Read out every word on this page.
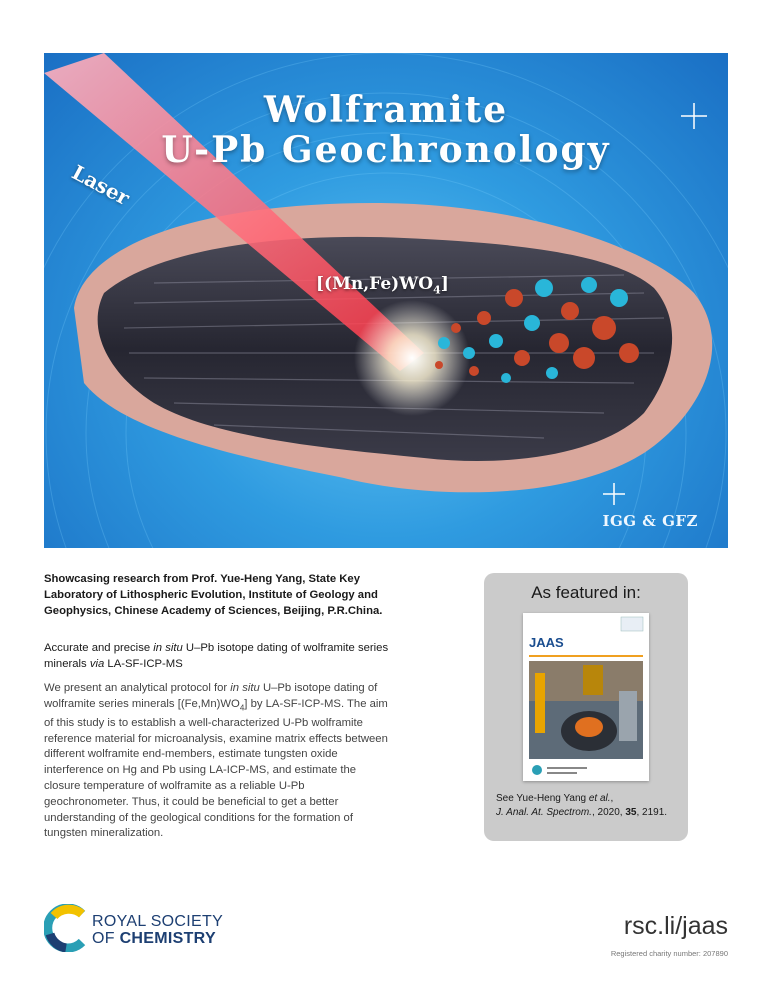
Wolframite
U-Pb Geochronology
Laser
$[(Mn,Fe)WO_4]$
IGG & GFZ
Showcasing research from Prof. Yue-Heng Yang, State Key Laboratory of Lithospheric Evolution, Institute of Geology and Geophysics, Chinese Academy of Sciences, Beijing, P.R.China.
Accurate and precise in situ U–Pb isotope dating of wolframite series minerals via LA-SF-ICP-MS
We present an analytical protocol for in situ U–Pb isotope dating of wolframite series minerals $[(Fe,Mn)WO_4]$ by LA-SF-ICP-MS. The aim of this study is to establish a well-characterized U-Pb wolframite reference material for microanalysis, examine matrix effects between different wolframite end-members, estimate tungsten oxide interference on Hg and Pb using LA-ICP-MS, and estimate the closure temperature of wolframite as a reliable U-Pb geochronometer. Thus, it could be beneficial to get a better understanding of the geological conditions for the formation of tungsten mineralization.
As featured in:
JAAS
See Yue-Heng Yang et al.,
J. Anal. At. Spectrom., 2020, 35, 2191.
ROYAL SOCIETY
OF CHEMISTRY	rsc.li/jaas
Registered charity number: 207890
